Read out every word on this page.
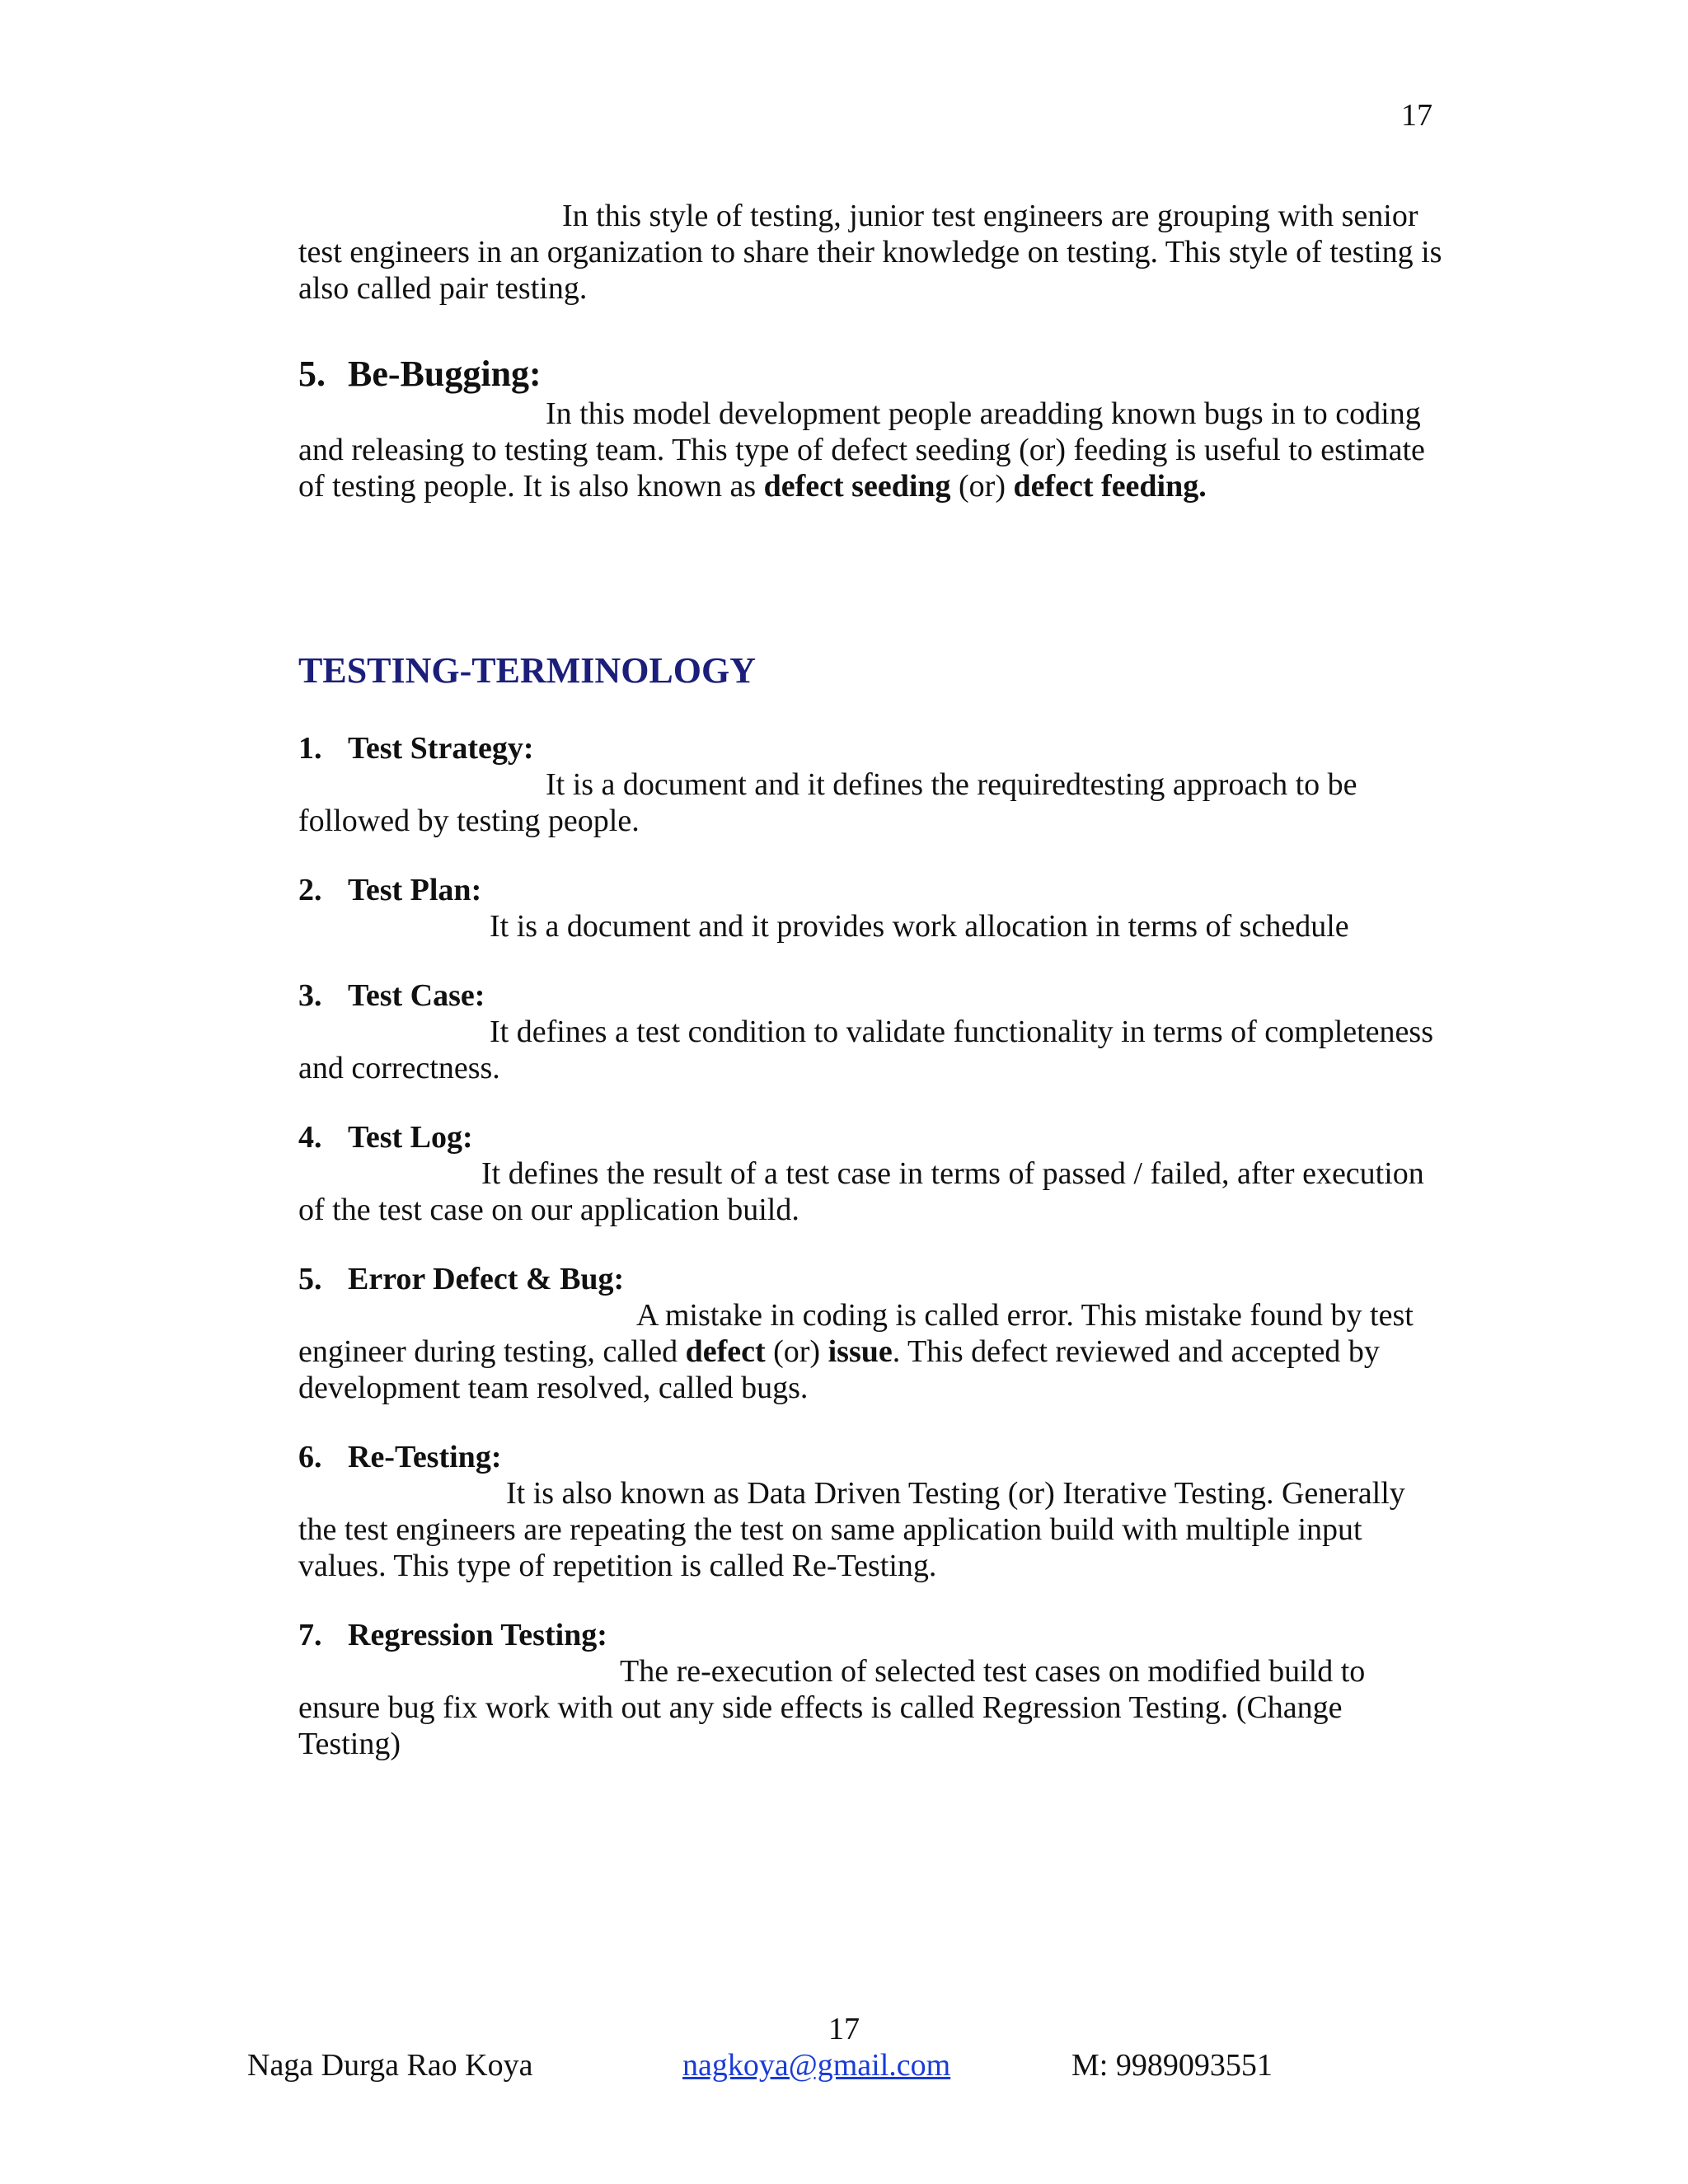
17

In this style of testing, junior test engineers are grouping with senior test engineers in an organization to share their knowledge on testing. This style of testing is also called pair testing.

5. Be-Bugging:

In this model development people areadding known bugs in to coding and releasing to testing team. This type of defect seeding (or) feeding is useful to estimate of testing people. It is also known as defect seeding (or) defect feeding.

TESTING-TERMINOLOGY
1. Test Strategy:

It is a document and it defines the requiredtesting approach to be followed by testing people.

2. Test Plan:

It is a document and it provides work allocation in terms of schedule

3. Test Case:

It defines a test condition to validate functionality in terms of completeness and correctness.

4. Test Log:

It defines the result of a test case in terms of passed / failed, after execution of the test case on our application build.

5. Error Defect & Bug:

A mistake in coding is called error. This mistake found by test engineer during testing, called defect (or) issue. This defect reviewed and accepted by development team resolved, called bugs.

6. Re-Testing:

It is also known as Data Driven Testing (or) Iterative Testing. Generally the test engineers are repeating the test on same application build with multiple input values. This type of repetition is called Re-Testing.

7. Regression Testing:

The re-execution of selected test cases on modified build to ensure bug fix work with out any side effects is called Regression Testing. (Change Testing)

17
Naga Durga Rao Koya	nagkoya@gmail.com	M: 9989093551
